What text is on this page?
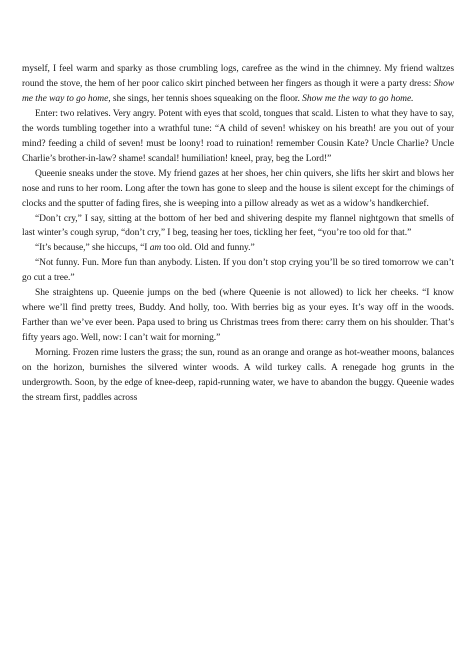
myself, I feel warm and sparky as those crumbling logs, carefree as the wind in the chimney. My friend waltzes round the stove, the hem of her poor calico skirt pinched between her fingers as though it were a party dress: Show me the way to go home, she sings, her tennis shoes squeaking on the floor. Show me the way to go home.

Enter: two relatives. Very angry. Potent with eyes that scold, tongues that scald. Listen to what they have to say, the words tumbling together into a wrathful tune: “A child of seven! whiskey on his breath! are you out of your mind? feeding a child of seven! must be loony! road to ruination! remember Cousin Kate? Uncle Charlie? Uncle Charlie’s brother-in-law? shame! scandal! humiliation! kneel, pray, beg the Lord!”

Queenie sneaks under the stove. My friend gazes at her shoes, her chin quivers, she lifts her skirt and blows her nose and runs to her room. Long after the town has gone to sleep and the house is silent except for the chimings of clocks and the sputter of fading fires, she is weeping into a pillow already as wet as a widow’s handkerchief.

“Don’t cry,” I say, sitting at the bottom of her bed and shivering despite my flannel nightgown that smells of last winter’s cough syrup, “don’t cry,” I beg, teasing her toes, tickling her feet, “you’re too old for that.”

“It’s because,” she hiccups, “I am too old. Old and funny.”

“Not funny. Fun. More fun than anybody. Listen. If you don’t stop crying you’ll be so tired tomorrow we can’t go cut a tree.”

She straightens up. Queenie jumps on the bed (where Queenie is not allowed) to lick her cheeks. “I know where we’ll find pretty trees, Buddy. And holly, too. With berries big as your eyes. It’s way off in the woods. Farther than we’ve ever been. Papa used to bring us Christmas trees from there: carry them on his shoulder. That’s fifty years ago. Well, now: I can’t wait for morning.”

Morning. Frozen rime lusters the grass; the sun, round as an orange and orange as hot-weather moons, balances on the horizon, burnishes the silvered winter woods. A wild turkey calls. A renegade hog grunts in the undergrowth. Soon, by the edge of knee-deep, rapid-running water, we have to abandon the buggy. Queenie wades the stream first, paddles across
